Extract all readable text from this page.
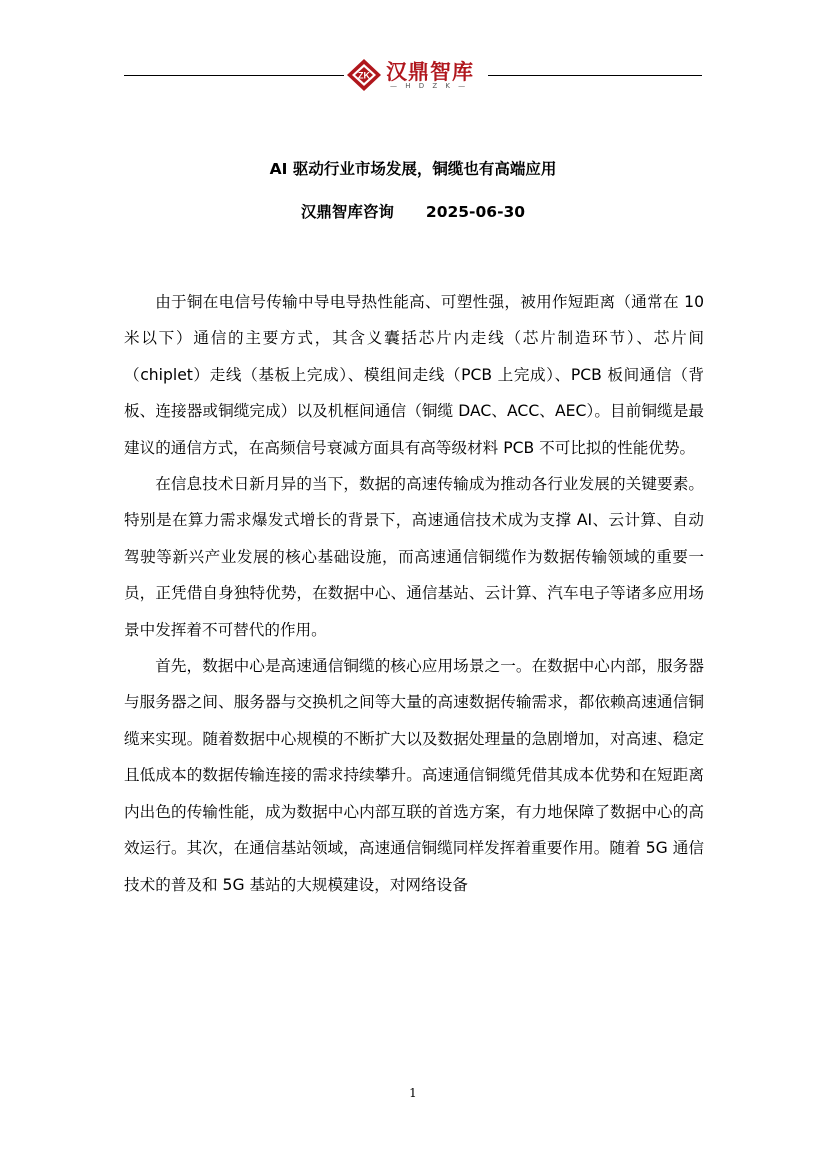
ZK 汉鼎智库
— H D Z K —
AI 驱动行业市场发展，铜缆也有高端应用
汉鼎智库咨询 2025-06-30

由于铜在电信号传输中导电导热性能高、可塑性强，被用作短距离（通常在 10 米以下）通信的主要方式，其含义囊括芯片内走线（芯片制造环节）、芯片间（chiplet）走线（基板上完成）、模组间走线（PCB 上完成）、PCB 板间通信（背板、连接器或铜缆完成）以及机框间通信（铜缆 DAC、ACC、AEC）。目前铜缆是最建议的通信方式，在高频信号衰减方面具有高等级材料 PCB 不可比拟的性能优势。

在信息技术日新月异的当下，数据的高速传输成为推动各行业发展的关键要素。特别是在算力需求爆发式增长的背景下，高速通信技术成为支撑 AI、云计算、自动驾驶等新兴产业发展的核心基础设施，而高速通信铜缆作为数据传输领域的重要一员，正凭借自身独特优势，在数据中心、通信基站、云计算、汽车电子等诸多应用场景中发挥着不可替代的作用。

首先，数据中心是高速通信铜缆的核心应用场景之一。在数据中心内部，服务器与服务器之间、服务器与交换机之间等大量的高速数据传输需求，都依赖高速通信铜缆来实现。随着数据中心规模的不断扩大以及数据处理量的急剧增加，对高速、稳定且低成本的数据传输连接的需求持续攀升。高速通信铜缆凭借其成本优势和在短距离内出色的传输性能，成为数据中心内部互联的首选方案，有力地保障了数据中心的高效运行。其次，在通信基站领域，高速通信铜缆同样发挥着重要作用。随着 5G 通信技术的普及和 5G 基站的大规模建设，对网络设备

1
